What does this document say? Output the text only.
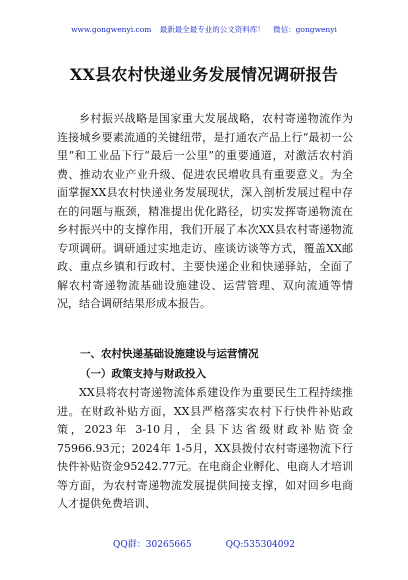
www.gongwenyi.com 最新最全最专业的公文资料库！ 微信：gongwenyi
XX县农村快递业务发展情况调研报告

乡村振兴战略是国家重大发展战略，农村寄递物流作为连接城乡要素流通的关键纽带，是打通农产品上行“最初一公里”和工业品下行“最后一公里”的重要通道，对激活农村消费、推动农业产业升级、促进农民增收具有重要意义。为全面掌握XX县农村快递业务发展现状，深入剖析发展过程中存在的问题与瓶颈，精准提出优化路径，切实发挥寄递物流在乡村振兴中的支撑作用，我们开展了本次XX县农村寄递物流专项调研。调研通过实地走访、座谈访谈等方式，覆盖XX邮政、重点乡镇和行政村、主要快递企业和快递驿站，全面了解农村寄递物流基础设施建设、运营管理、双向流通等情况，结合调研结果形成本报告。

一、农村快递基础设施建设与运营情况
（一）政策支持与财政投入

XX县将农村寄递物流体系建设作为重要民生工程持续推进。在财政补贴方面，XX县严格落实农村下行快件补贴政策，2023年 3-10月，全县下达省级财政补贴资金 75966.93元；2024年 1-5月，XX县拨付农村寄递物流下行快件补贴资金95242.77元。在电商企业孵化、电商人才培训等方面，为农村寄递物流发展提供间接支撑，如对回乡电商人才提供免费培训、

QQ群：30265665	QQ:535304092
